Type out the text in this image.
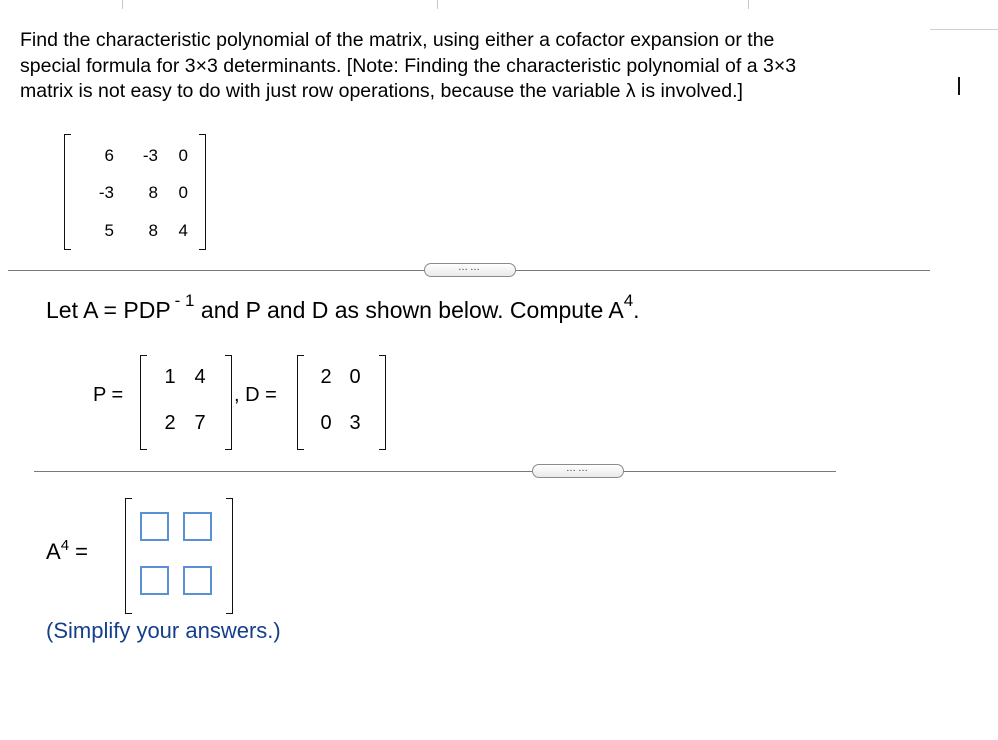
Find the characteristic polynomial of the matrix, using either a cofactor expansion or the

special formula for 3×3 determinants. [Note: Finding the characteristic polynomial of a 3×3

matrix is not easy to do with just row operations, because the variable λ is involved.]

6	-3	0
-3	8	0
5	8	4
……
Let A = PDP $^{- 1}$ and P and D as shown below. Compute $A^4$.
P =
1 4
2 7
, D =
2 0
0 3
……
$A^4$ =
(Simplify your answers.)
